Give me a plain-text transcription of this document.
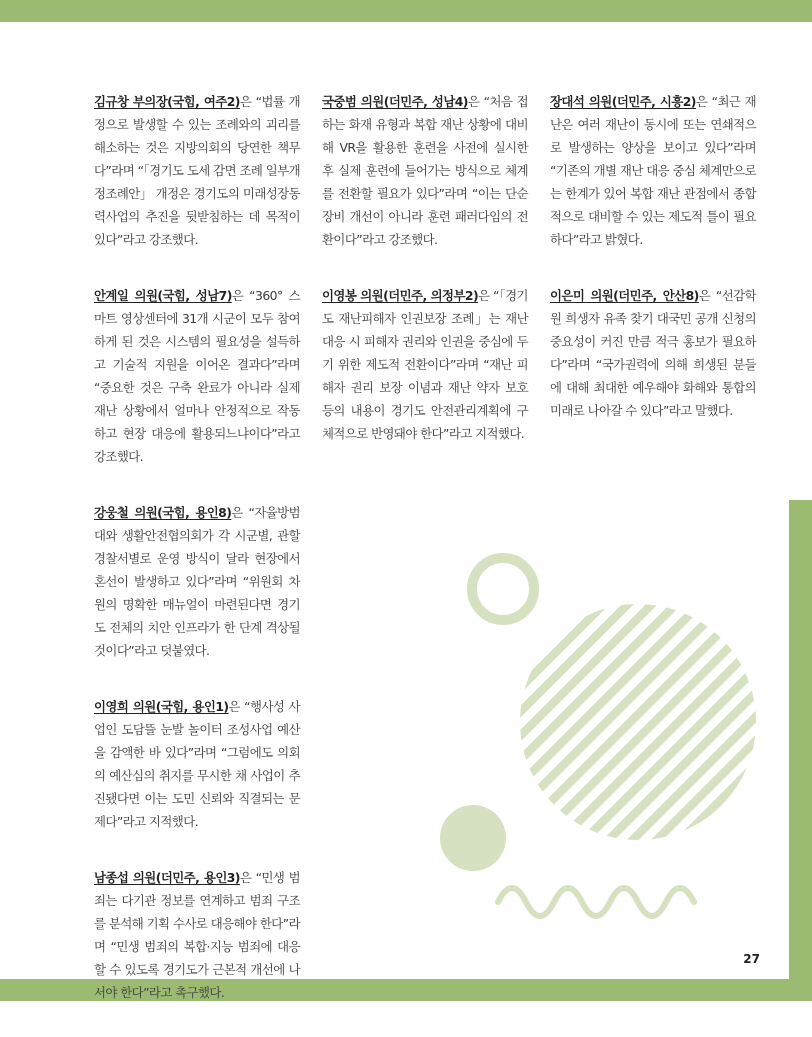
김규창 부의장(국힘, 여주2)은 “법률 개정으로 발생할 수 있는 조례와의 괴리를 해소하는 것은 지방의회의 당연한 책무다”라며 “「경기도 도세 감면 조례 일부개정조례안」 개정은 경기도의 미래성장동력사업의 추진을 뒷받침하는 데 목적이 있다”라고 강조했다.

안계일 의원(국힘, 성남7)은 “360° 스마트 영상센터에 31개 시군이 모두 참여하게 된 것은 시스템의 필요성을 설득하고 기술적 지원을 이어온 결과다”라며 “중요한 것은 구축 완료가 아니라 실제 재난 상황에서 얼마나 안정적으로 작동하고 현장 대응에 활용되느냐이다”라고 강조했다.

강웅철 의원(국힘, 용인8)은 “자율방범대와 생활안전협의회가 각 시군별, 관할 경찰서별로 운영 방식이 달라 현장에서 혼선이 발생하고 있다”라며 “위원회 차원의 명확한 매뉴얼이 마련된다면 경기도 전체의 치안 인프라가 한 단계 격상될 것이다”라고 덧붙였다.

이영희 의원(국힘, 용인1)은 “행사성 사업인 도담뜰 눈발 놀이터 조성사업 예산을 감액한 바 있다”라며 “그럼에도 의회의 예산심의 취지를 무시한 채 사업이 추진됐다면 이는 도민 신뢰와 직결되는 문제다”라고 지적했다.

남종섭 의원(더민주, 용인3)은 “민생 범죄는 다기관 정보를 연계하고 범죄 구조를 분석해 기획 수사로 대응해야 한다”라며 “민생 범죄의 복합·지능 범죄에 대응할 수 있도록 경기도가 근본적 개선에 나서야 한다”라고 촉구했다.

국중범 의원(더민주, 성남4)은 “처음 접하는 화재 유형과 복합 재난 상황에 대비해 VR을 활용한 훈련을 사전에 실시한 후 실제 훈련에 들어가는 방식으로 체계를 전환할 필요가 있다”라며 “이는 단순 장비 개선이 아니라 훈련 패러다임의 전환이다”라고 강조했다.

이영봉 의원(더민주, 의정부2)은 “「경기도 재난피해자 인권보장 조례」는 재난 대응 시 피해자 권리와 인권을 중심에 두기 위한 제도적 전환이다”라며 “재난 피해자 권리 보장 이념과 재난 약자 보호 등의 내용이 경기도 안전관리계획에 구체적으로 반영돼야 한다”라고 지적했다.

장대석 의원(더민주, 시흥2)은 “최근 재난은 여러 재난이 동시에 또는 연쇄적으로 발생하는 양상을 보이고 있다”라며 “기존의 개별 재난 대응 중심 체계만으로는 한계가 있어 복합 재난 관점에서 종합적으로 대비할 수 있는 제도적 틀이 필요하다”라고 밝혔다.

이은미 의원(더민주, 안산8)은 “선감학원 희생자 유족 찾기 대국민 공개 신청의 중요성이 커진 만큼 적극 홍보가 필요하다”라며 “국가권력에 의해 희생된 분들에 대해 최대한 예우해야 화해와 통합의 미래로 나아갈 수 있다”라고 말했다.

27
